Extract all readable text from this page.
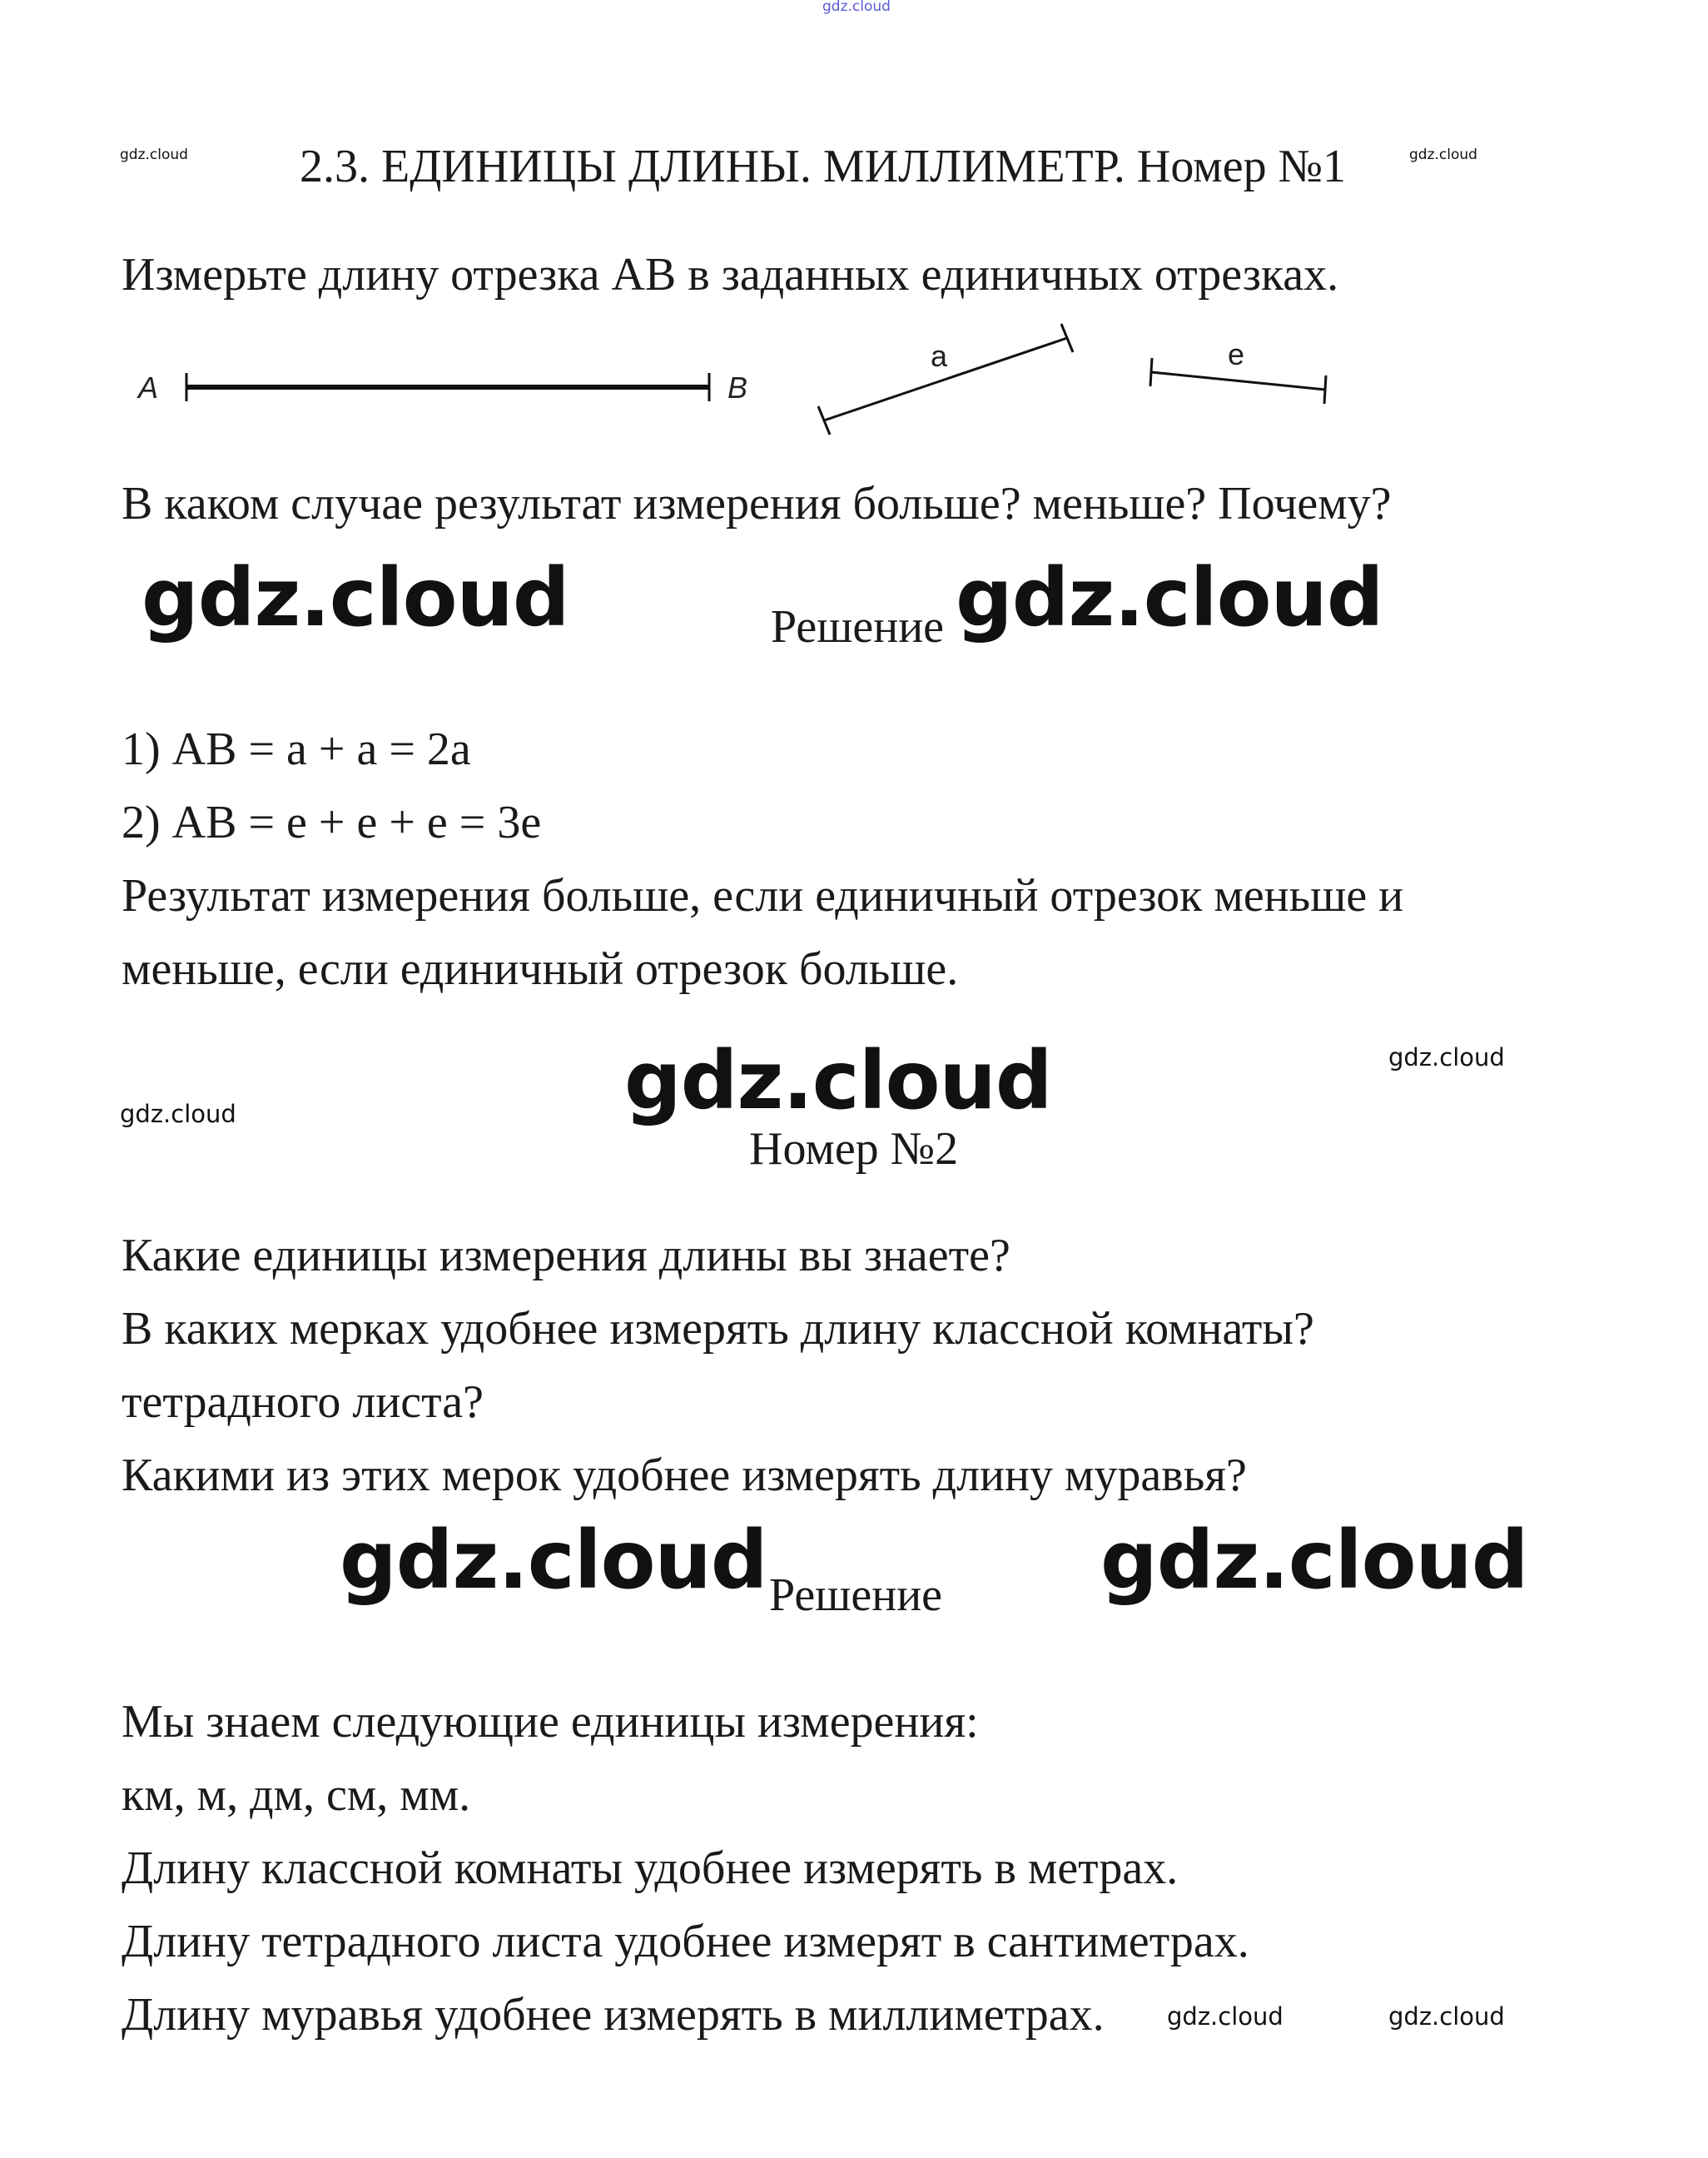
gdz.cloud
gdz.cloud 2.3. ЕДИНИЦЫ ДЛИНЫ. МИЛЛИМЕТР. Номер №1	gdz.cloud
Измерьте длину отрезка АВ в заданных единичных отрезках.
A	B
a	e
В каком случае результат измерения больше? меньше? Почему?
gdz.cloud	Решение gdz.cloud
1) АВ = а + а = 2а
2) АВ = е + е + е = 3е
Результат измерения больше, если единичный отрезок меньше и
меньше, если единичный отрезок больше.
gdz.cloud
gdz.cloud	gdz.cloud
Номер №2
Какие единицы измерения длины вы знаете?
В каких мерках удобнее измерять длину классной комнаты?
тетрадного листа?
Какими из этих мерок удобнее измерять длину муравья?
gdz.cloud Решение gdz.cloud
Мы знаем следующие единицы измерения:
км, м, дм, см, мм.
Длину классной комнаты удобнее измерять в метрах.
Длину тетрадного листа удобнее измерят в сантиметрах.
Длину муравья удобнее измерять в миллиметрах.	gdz.cloud	gdz.cloud
